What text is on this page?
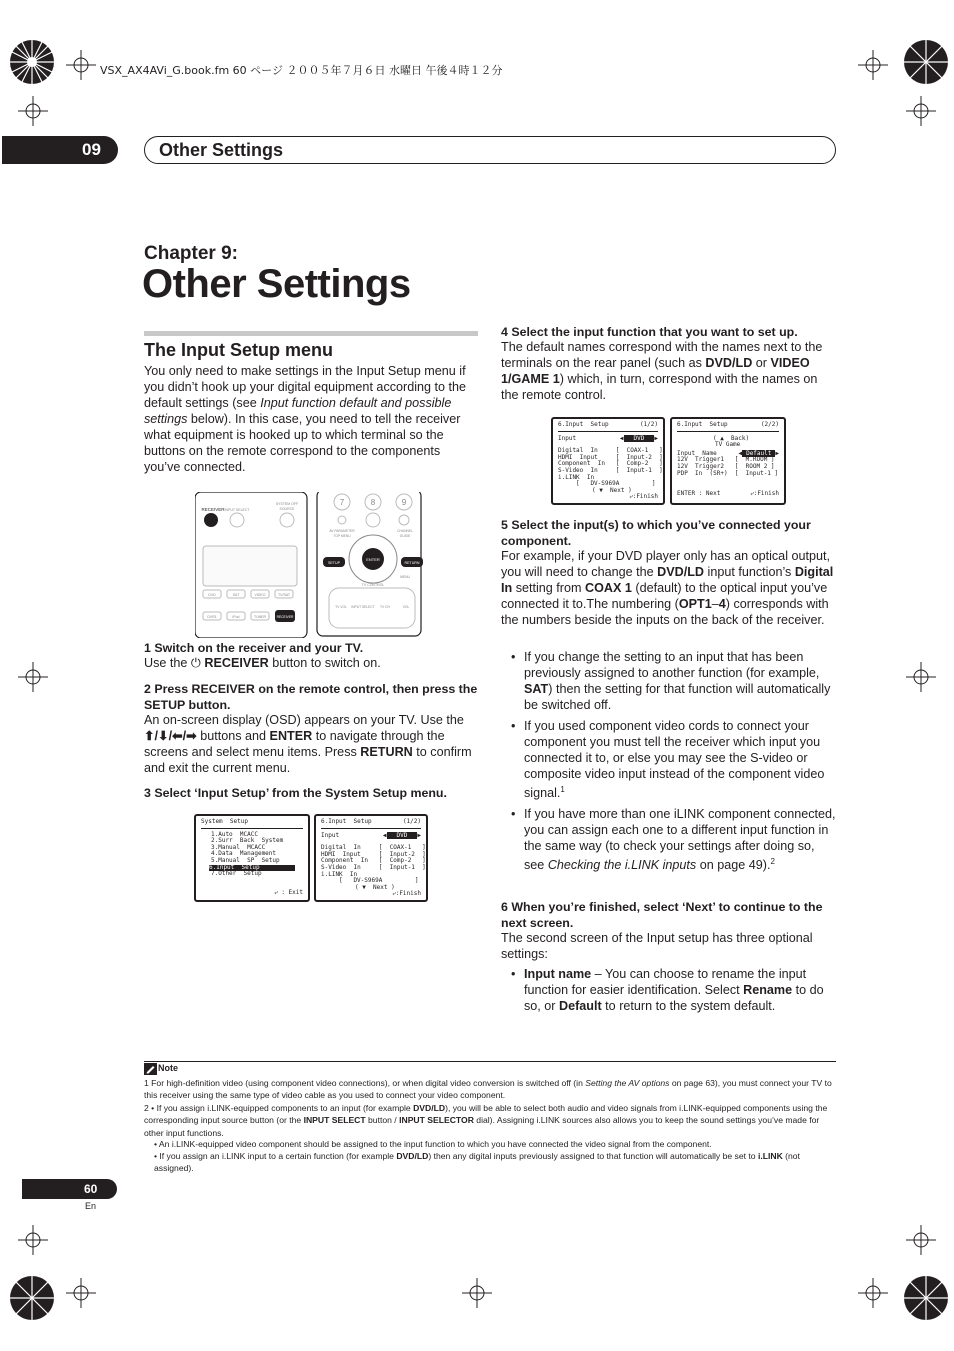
VSX_AX4AVi_G.book.fm 60 ページ ２００５年７月６日 水曜日 午後４時１２分
09	Other Settings
Chapter 9:
Other Settings
The Input Setup menu
You only need to make settings in the Input Setup menu if you didn’t hook up your digital equipment according to the default settings (see Input function default and possible settings below). In this case, you need to tell the receiver what equipment is hooked up to which terminal so the buttons on the remote correspond to the components you’ve connected.
RECEIVER INPUT SELECT
SYSTEM OFF
SOURCE
DVD	SAT	VIDEO	TV/SAT
DVR1	iPod	TUNER	RECEIVER
7	8	9
AV PARAMETER
TOP MENU
CHANNEL
GUIDE
ENTER
SETUP	RETURN
MENU
TV CONTROL
TV VOL INPUT SELECT TV CH	VOL
1 Switch on the receiver and your TV.
Use the ⏻ RECEIVER button to switch on.
2 Press RECEIVER on the remote control, then press the SETUP button.
An on-screen display (OSD) appears on your TV. Use the ⬆/⬇/⬅/➡ buttons and ENTER to navigate through the screens and select menu items. Press RETURN to confirm and exit the current menu.
3 Select ‘Input Setup’ from the System Setup menu.
System  Setup
1.Auto  MCACC
2.Surr  Back  System
3.Manual  MCACC
4.Data  Management
5.Manual  SP  Setup
6.Input  Setup
7.Other  Setup
⤶ : Exit
6.Input  Setup	(1/2)
Input	◀ DVD ▶
Digital  In     [  COAX-1   ]
HDMI  Input     [  Input-2  ]
Component  In   [  Comp-2   ]
S-Video  In     [  Input-1  ]
i.LINK  In
[   DV-S969A         ]
( ▼  Next )
⤶:Finish
4 Select the input function that you want to set up.
The default names correspond with the names next to the terminals on the rear panel (such as DVD/LD or VIDEO 1/GAME 1) which, in turn, correspond with the names on the remote control.
6.Input  Setup	(1/2)
Input	◀ DVD ▶
Digital  In     [  COAX-1   ]
HDMI  Input     [  Input-2  ]
Component  In   [  Comp-2   ]
S-Video  In     [  Input-1  ]
i.LINK  In
[   DV-S969A         ]
( ▼  Next )
⤶:Finish
6.Input  Setup	(2/2)
( ▲  Back)
TV Game
Input  Name	◀ Default ▶
12V  Trigger1   [  M.ROOM ]
12V  Trigger2   [  ROOM 2 ]
PDP  In  (SR+)  [  Input-1 ]
ENTER : Next	⤶:Finish
5 Select the input(s) to which you’ve connected your component.
For example, if your DVD player only has an optical output, you will need to change the DVD/LD input function’s Digital In setting from COAX 1 (default) to the optical input you’ve connected it to.The numbering (OPT1–4) corresponds with the numbers beside the inputs on the back of the receiver.
• If you change the setting to an input that has been previously assigned to another function (for example, SAT) then the setting for that function will automatically be switched off.
• If you used component video cords to connect your component you must tell the receiver which input you connected it to, or else you may see the S-video or composite video input instead of the component video signal.$^1$
• If you have more than one iLINK component connected, you can assign each one to a different input function in the same way (to check your settings after doing so, see Checking the i.LINK inputs on page 49).$^2$
6 When you’re finished, select ‘Next’ to continue to the next screen.
The second screen of the Input setup has three optional settings:
• Input name – You can choose to rename the input function for easier identification. Select Rename to do so, or Default to return to the system default.
Note
1 For high-definition video (using component video connections), or when digital video conversion is switched off (in Setting the AV options on page 63), you must connect your TV to this receiver using the same type of video cable as you used to connect your video component.
2 • If you assign i.LINK-equipped components to an input (for example DVD/LD), you will be able to select both audio and video signals from i.LINK-equipped components using the corresponding input source button (or the INPUT SELECT button / INPUT SELECTOR dial). Assigning i.LINK sources also allows you to keep the sound settings you’ve made for other input functions.
• An i.LINK-equipped video component should be assigned to the input function to which you have connected the video signal from the component.
• If you assign an i.LINK input to a certain function (for example DVD/LD) then any digital inputs previously assigned to that function will automatically be set to i.LINK (not assigned).
60
En
